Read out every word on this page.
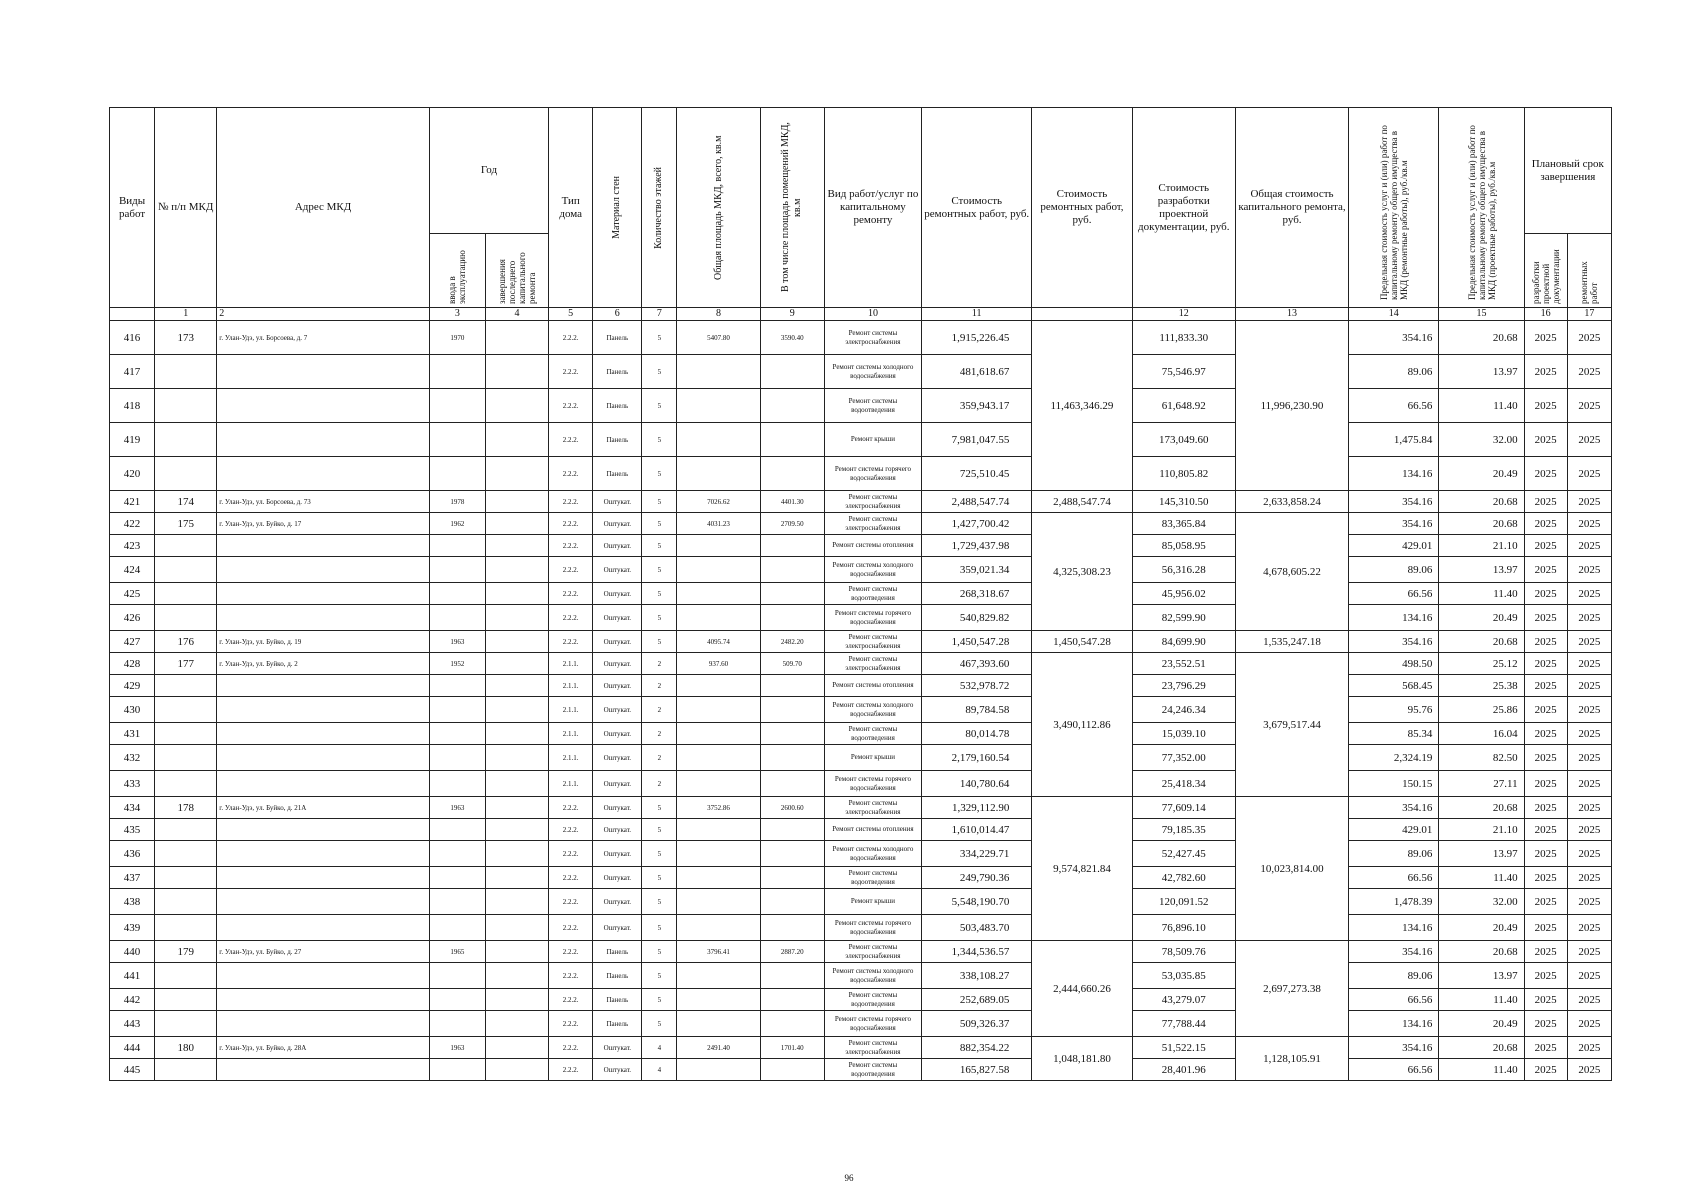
Виды работ	№ п/п МКД	Адрес МКД	Год		Тип дома	Материал стен	Количество этажей	Общая площадь МКД, всего, кв.м	В том числе площадь помещений МКД, кв.м	Вид работ/услуг по капитальному ремонту	Стоимость ремонтных работ, руб.	Стоимость ремонтных работ, руб.	Стоимость разработки проектной документации, руб.	Общая стоимость капитального ремонта, руб.	Предельная стоимость услуг и (или) работ по капитальному ремонту общего имущества в МКД (ремонтные работы), руб./кв.м	Предельная стоимость услуг и (или) работ по капитальному ремонту общего имущества в МКД (проектные работы), руб./кв.м	Плановый срок завершения	

			ввода в эксплуатацию	завершения последнего капитального ремонта													разработки проектной документации	ремонтных работ

	1	2	3	4	5	6	7	8	9	10	11		12	13	14	15	16	17
416	173	г. Улан-Удэ, ул. Борсоева, д. 7	1970		2.2.2.	Панель	5	5407.80	3590.40	Ремонт системы электроснабжения	1,915,226.45	11,463,346.29	111,833.30	11,996,230.90	354.16	20.68	2025	2025
417					2.2.2.	Панель	5			Ремонт системы холодного водоснабжения	481,618.67		75,546.97		89.06	13.97	2025	2025
418					2.2.2.	Панель	5			Ремонт системы водоотведения	359,943.17		61,648.92		66.56	11.40	2025	2025
419					2.2.2.	Панель	5			Ремонт крыши	7,981,047.55		173,049.60		1,475.84	32.00	2025	2025
420					2.2.2.	Панель	5			Ремонт системы горячего водоснабжения	725,510.45		110,805.82		134.16	20.49	2025	2025
421	174	г. Улан-Удэ, ул. Борсоева, д. 73	1978		2.2.2.	Оштукат.	5	7026.62	4401.30	Ремонт системы электроснабжения	2,488,547.74	2,488,547.74	145,310.50	2,633,858.24	354.16	20.68	2025	2025
422	175	г. Улан-Удэ, ул. Буйко, д. 17	1962		2.2.2.	Оштукат.	5	4031.23	2709.50	Ремонт системы электроснабжения	1,427,700.42	4,325,308.23	83,365.84	4,678,605.22	354.16	20.68	2025	2025
423					2.2.2.	Оштукат.	5			Ремонт системы отопления	1,729,437.98		85,058.95		429.01	21.10	2025	2025
424					2.2.2.	Оштукат.	5			Ремонт системы холодного водоснабжения	359,021.34		56,316.28		89.06	13.97	2025	2025
425					2.2.2.	Оштукат.	5			Ремонт системы водоотведения	268,318.67		45,956.02		66.56	11.40	2025	2025
426					2.2.2.	Оштукат.	5			Ремонт системы горячего водоснабжения	540,829.82		82,599.90		134.16	20.49	2025	2025
427	176	г. Улан-Удэ, ул. Буйко, д. 19	1963		2.2.2.	Оштукат.	5	4095.74	2482.20	Ремонт системы электроснабжения	1,450,547.28	1,450,547.28	84,699.90	1,535,247.18	354.16	20.68	2025	2025
428	177	г. Улан-Удэ, ул. Буйко, д. 2	1952		2.1.1.	Оштукат.	2	937.60	509.70	Ремонт системы электроснабжения	467,393.60	3,490,112.86	23,552.51	3,679,517.44	498.50	25.12	2025	2025
429					2.1.1.	Оштукат.	2			Ремонт системы отопления	532,978.72		23,796.29		568.45	25.38	2025	2025
430					2.1.1.	Оштукат.	2			Ремонт системы холодного водоснабжения	89,784.58		24,246.34		95.76	25.86	2025	2025
431					2.1.1.	Оштукат.	2			Ремонт системы водоотведения	80,014.78		15,039.10		85.34	16.04	2025	2025
432					2.1.1.	Оштукат.	2			Ремонт крыши	2,179,160.54		77,352.00		2,324.19	82.50	2025	2025
433					2.1.1.	Оштукат.	2			Ремонт системы горячего водоснабжения	140,780.64		25,418.34		150.15	27.11	2025	2025
434	178	г. Улан-Удэ, ул. Буйко, д. 21А	1963		2.2.2.	Оштукат.	5	3752.86	2600.60	Ремонт системы электроснабжения	1,329,112.90	9,574,821.84	77,609.14	10,023,814.00	354.16	20.68	2025	2025
435					2.2.2.	Оштукат.	5			Ремонт системы отопления	1,610,014.47		79,185.35		429.01	21.10	2025	2025
436					2.2.2.	Оштукат.	5			Ремонт системы холодного водоснабжения	334,229.71		52,427.45		89.06	13.97	2025	2025
437					2.2.2.	Оштукат.	5			Ремонт системы водоотведения	249,790.36		42,782.60		66.56	11.40	2025	2025
438					2.2.2.	Оштукат.	5			Ремонт крыши	5,548,190.70		120,091.52		1,478.39	32.00	2025	2025
439					2.2.2.	Оштукат.	5			Ремонт системы горячего водоснабжения	503,483.70		76,896.10		134.16	20.49	2025	2025
440	179	г. Улан-Удэ, ул. Буйко, д. 27	1965		2.2.2.	Панель	5	3796.41	2887.20	Ремонт системы электроснабжения	1,344,536.57	2,444,660.26	78,509.76	2,697,273.38	354.16	20.68	2025	2025
441					2.2.2.	Панель	5			Ремонт системы холодного водоснабжения	338,108.27		53,035.85		89.06	13.97	2025	2025
442					2.2.2.	Панель	5			Ремонт системы водоотведения	252,689.05		43,279.07		66.56	11.40	2025	2025
443					2.2.2.	Панель	5			Ремонт системы горячего водоснабжения	509,326.37		77,788.44		134.16	20.49	2025	2025
444	180	г. Улан-Удэ, ул. Буйко, д. 28А	1963		2.2.2.	Оштукат.	4	2491.40	1701.40	Ремонт системы электроснабжения	882,354.22	1,048,181.80	51,522.15	1,128,105.91	354.16	20.68	2025	2025
445					2.2.2.	Оштукат.	4			Ремонт системы водоотведения	165,827.58		28,401.96		66.56	11.40	2025	2025
96
